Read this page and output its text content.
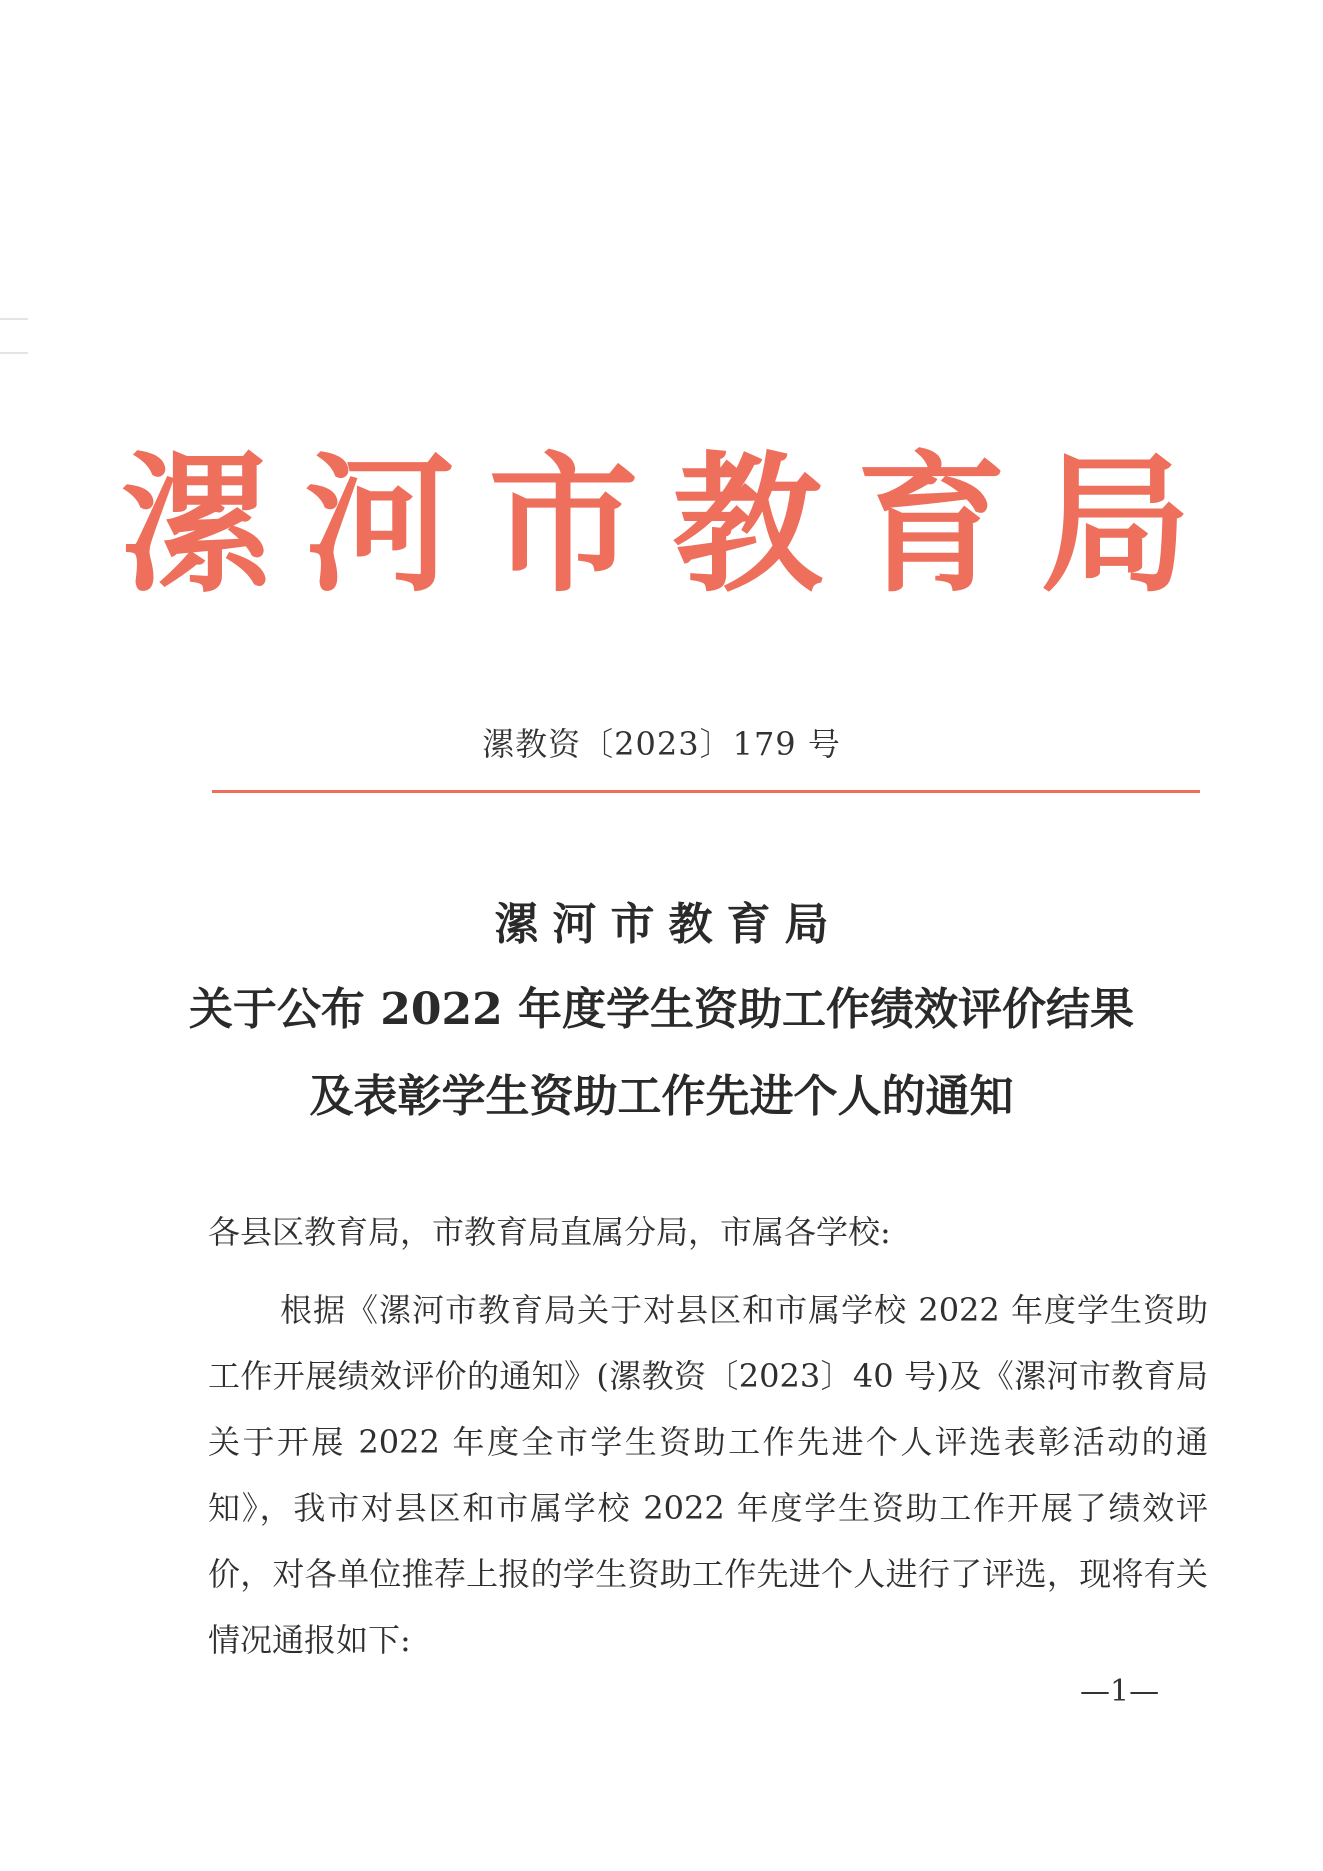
漯河市教育局
漯教资〔2023〕179 号
漯河市教育局
关于公布 2022 年度学生资助工作绩效评价结果
及表彰学生资助工作先进个人的通知
各县区教育局，市教育局直属分局，市属各学校:

根据《漯河市教育局关于对县区和市属学校 2022 年度学生资助工作开展绩效评价的通知》(漯教资〔2023〕40 号)及《漯河市教育局关于开展 2022 年度全市学生资助工作先进个人评选表彰活动的通知》，我市对县区和市属学校 2022 年度学生资助工作开展了绩效评价，对各单位推荐上报的学生资助工作先进个人进行了评选，现将有关情况通报如下:

—1—
